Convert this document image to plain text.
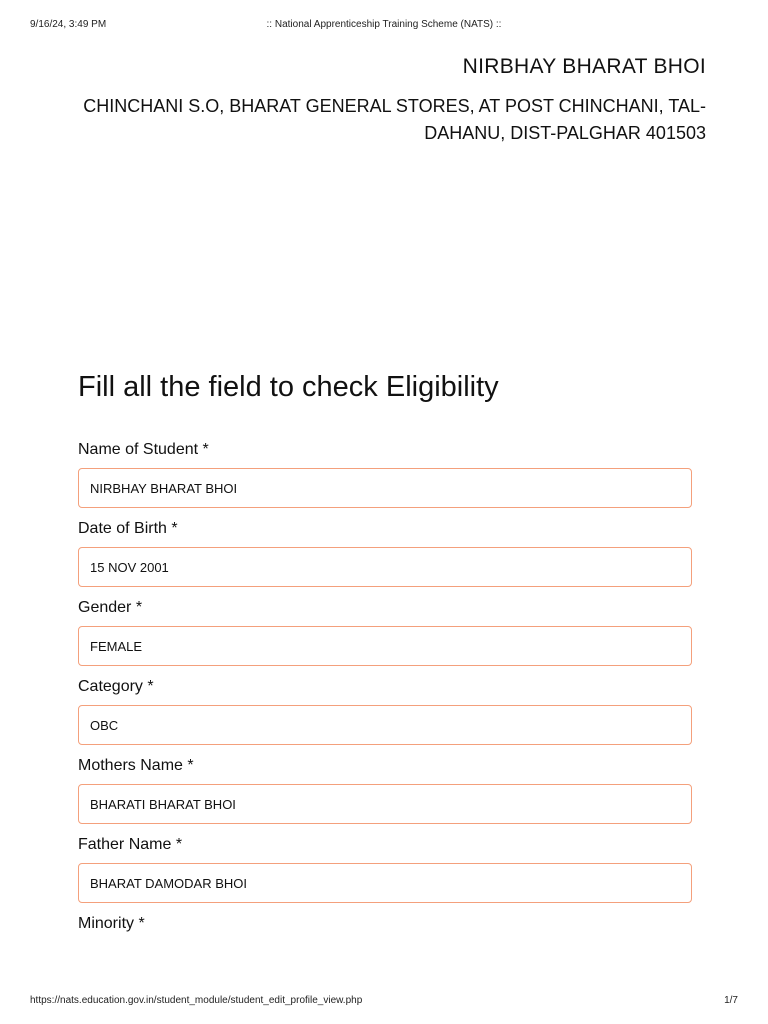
9/16/24, 3:49 PM	:: National Apprenticeship Training Scheme (NATS) ::
NIRBHAY BHARAT BHOI
CHINCHANI S.O, BHARAT GENERAL STORES, AT POST CHINCHANI, TAL-DAHANU, DIST-PALGHAR 401503
Fill all the field to check Eligibility
Name of Student *
NIRBHAY BHARAT BHOI
Date of Birth *
15 NOV 2001
Gender *
FEMALE
Category *
OBC
Mothers Name *
BHARATI BHARAT BHOI
Father Name *
BHARAT DAMODAR BHOI
Minority *
https://nats.education.gov.in/student_module/student_edit_profile_view.php	1/7
